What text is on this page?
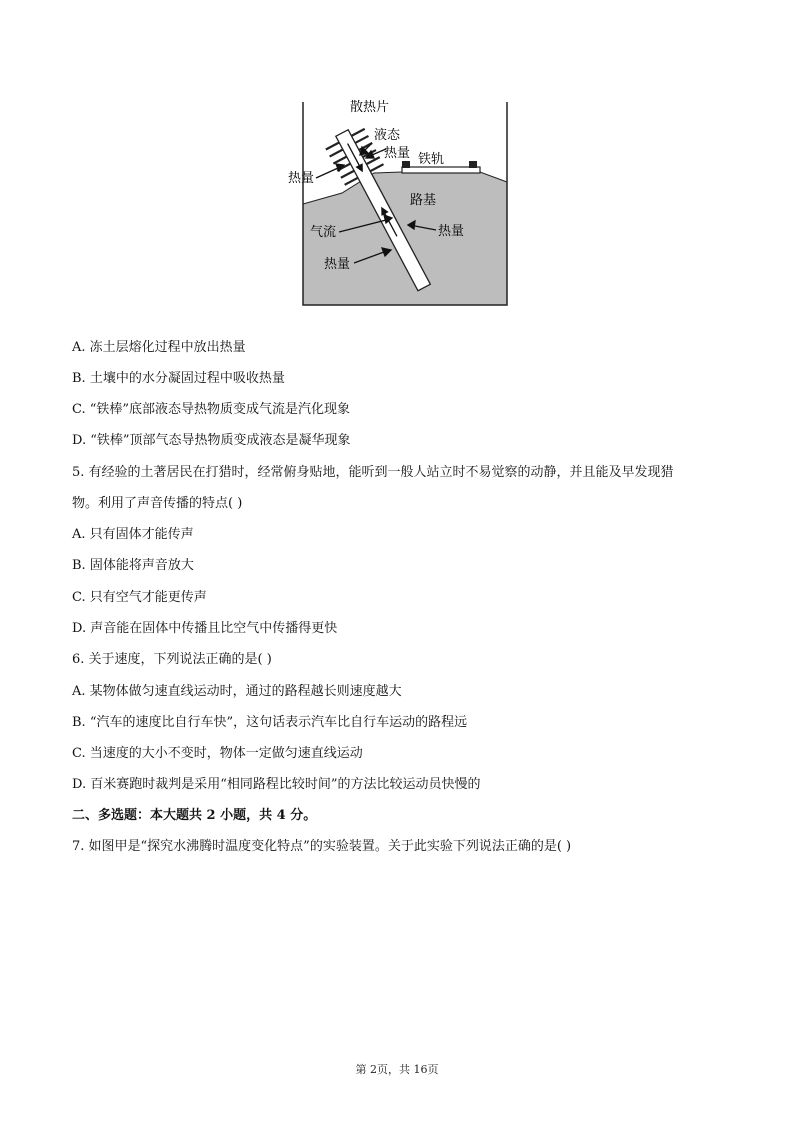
散热片
液态
热量 铁轨
热量
路基
气流	热量
热量
A. 冻土层熔化过程中放出热量
B. 土壤中的水分凝固过程中吸收热量
C. “铁棒”底部液态导热物质变成气流是汽化现象
D. “铁棒”顶部气态导热物质变成液态是凝华现象
5. 有经验的土著居民在打猎时，经常俯身贴地，能听到一般人站立时不易觉察的动静，并且能及早发现猎
物。利用了声音传播的特点( )
A. 只有固体才能传声
B. 固体能将声音放大
C. 只有空气才能更传声
D. 声音能在固体中传播且比空气中传播得更快
6. 关于速度，下列说法正确的是( )
A. 某物体做匀速直线运动时，通过的路程越长则速度越大
B. “汽车的速度比自行车快”，这句话表示汽车比自行车运动的路程远
C. 当速度的大小不变时，物体一定做匀速直线运动
D. 百米赛跑时裁判是采用“相同路程比较时间”的方法比较运动员快慢的
二、多选题：本大题共 2 小题，共 4 分。
7. 如图甲是“探究水沸腾时温度变化特点”的实验装置。关于此实验下列说法正确的是( )
第 2页，共 16页
